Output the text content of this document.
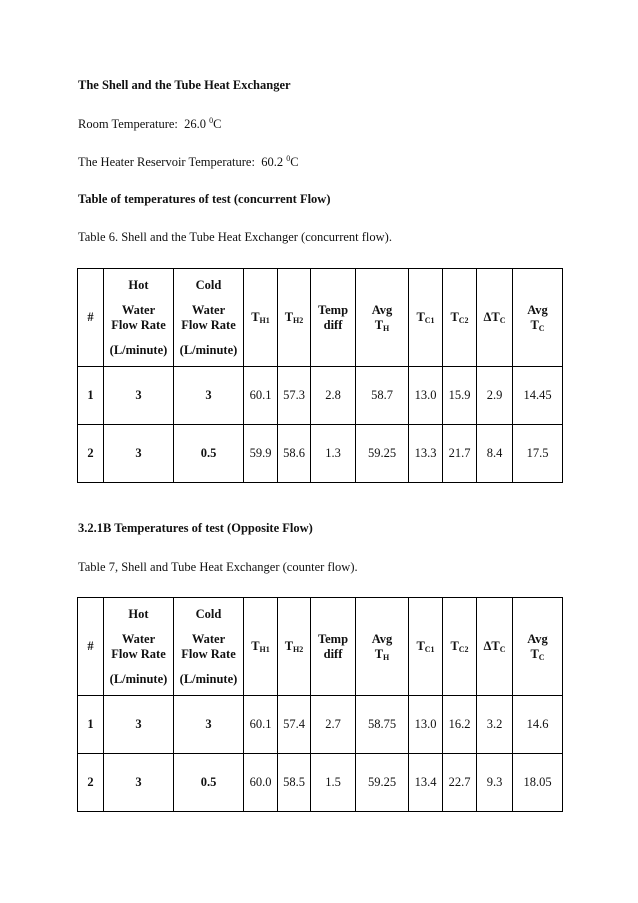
The Shell and the Tube Heat Exchanger
Room Temperature: 26.0 $^0$C
The Heater Reservoir Temperature: 60.2 $^0$C
Table of temperatures of test (concurrent Flow)
Table 6. Shell and the Tube Heat Exchanger (concurrent flow).
#	Hot
Water
Flow Rate
(L/minute)	Cold
Water
Flow Rate
(L/minute)	$T_{H1}$	$T_{H2}$	Temp
diff	Avg
$T_H$	$T_{C1}$	$T_{C2}$	$\Delta T_C$	Avg
$T_C$

1	3	3	60.1	57.3	2.8	58.7	13.0	15.9	2.9	14.45
2	3	0.5	59.9	58.6	1.3	59.25	13.3	21.7	8.4	17.5
3.2.1B Temperatures of test (Opposite Flow)
Table 7, Shell and Tube Heat Exchanger (counter flow).
#	Hot
Water
Flow Rate
(L/minute)	Cold
Water
Flow Rate
(L/minute)	$T_{H1}$	$T_{H2}$	Temp
diff	Avg
$T_H$	$T_{C1}$	$T_{C2}$	$\Delta T_C$	Avg
$T_C$

1	3	3	60.1	57.4	2.7	58.75	13.0	16.2	3.2	14.6
2	3	0.5	60.0	58.5	1.5	59.25	13.4	22.7	9.3	18.05
